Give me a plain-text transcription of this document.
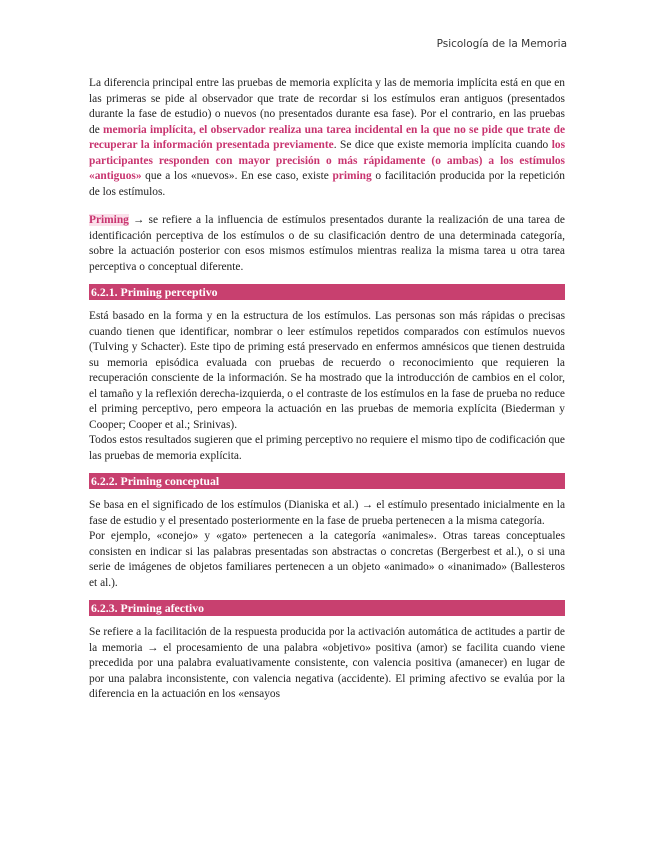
Psicología de la Memoria

La diferencia principal entre las pruebas de memoria explícita y las de memoria implícita está en que en las primeras se pide al observador que trate de recordar si los estímulos eran antiguos (presentados durante la fase de estudio) o nuevos (no presentados durante esa fase). Por el contrario, en las pruebas de memoria implícita, el observador realiza una tarea incidental en la que no se pide que trate de recuperar la información presentada previamente. Se dice que existe memoria implícita cuando los participantes responden con mayor precisión o más rápidamente (o ambas) a los estímulos «antiguos» que a los «nuevos». En ese caso, existe priming o facilitación producida por la repetición de los estímulos.

Priming → se refiere a la influencia de estímulos presentados durante la realización de una tarea de identificación perceptiva de los estímulos o de su clasificación dentro de una determinada categoría, sobre la actuación posterior con esos mismos estímulos mientras realiza la misma tarea u otra tarea perceptiva o conceptual diferente.

6.2.1. Priming perceptivo

Está basado en la forma y en la estructura de los estímulos. Las personas son más rápidas o precisas cuando tienen que identificar, nombrar o leer estímulos repetidos comparados con estímulos nuevos (Tulving y Schacter). Este tipo de priming está preservado en enfermos amnésicos que tienen destruida su memoria episódica evaluada con pruebas de recuerdo o reconocimiento que requieren la recuperación consciente de la información. Se ha mostrado que la introducción de cambios en el color, el tamaño y la reflexión derecha-izquierda, o el contraste de los estímulos en la fase de prueba no reduce el priming perceptivo, pero empeora la actuación en las pruebas de memoria explícita (Biederman y Cooper; Cooper et al.; Srinivas).

Todos estos resultados sugieren que el priming perceptivo no requiere el mismo tipo de codificación que las pruebas de memoria explícita.

6.2.2. Priming conceptual

Se basa en el significado de los estímulos (Dianiska et al.) → el estímulo presentado inicialmente en la fase de estudio y el presentado posteriormente en la fase de prueba pertenecen a la misma categoría.

Por ejemplo, «conejo» y «gato» pertenecen a la categoría «animales». Otras tareas conceptuales consisten en indicar si las palabras presentadas son abstractas o concretas (Bergerbest et al.), o si una serie de imágenes de objetos familiares pertenecen a un objeto «animado» o «inanimado» (Ballesteros et al.).

6.2.3. Priming afectivo

Se refiere a la facilitación de la respuesta producida por la activación automática de actitudes a partir de la memoria → el procesamiento de una palabra «objetivo» positiva (amor) se facilita cuando viene precedida por una palabra evaluativamente consistente, con valencia positiva (amanecer) en lugar de por una palabra inconsistente, con valencia negativa (accidente). El priming afectivo se evalúa por la diferencia en la actuación en los «ensayos
